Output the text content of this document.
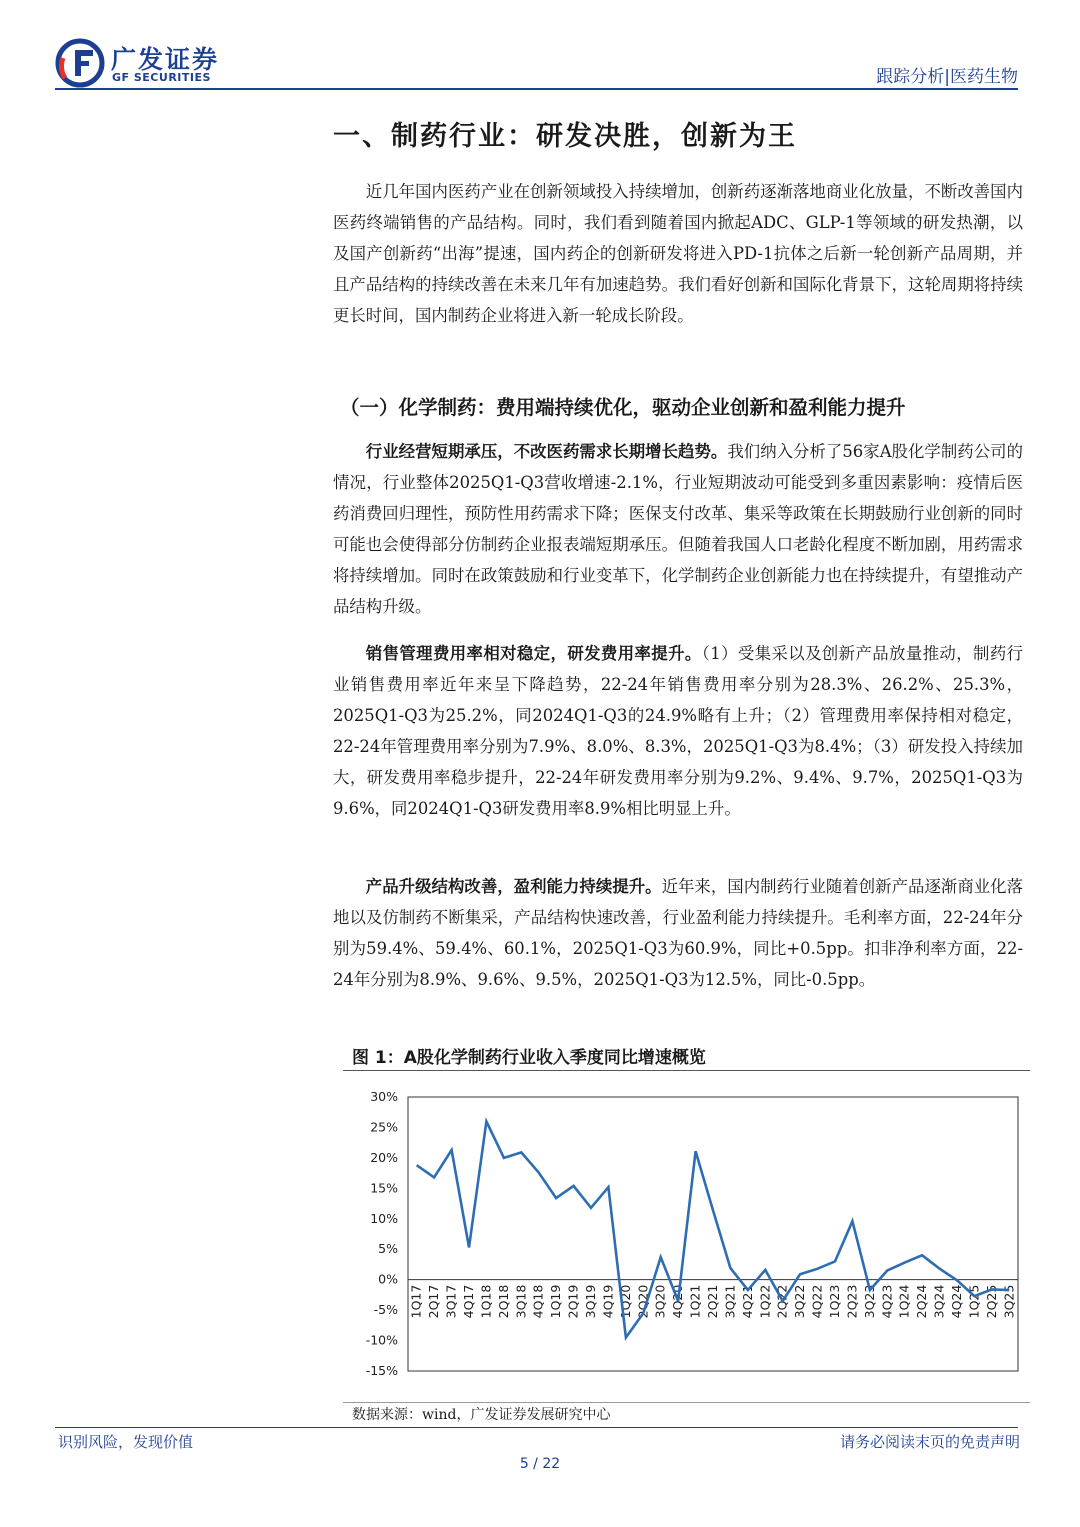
广发证券
GF SECURITIES	跟踪分析|医药生物
一、制药行业：研发决胜，创新为王

近几年国内医药产业在创新领域投入持续增加，创新药逐渐落地商业化放量，不断改善国内医药终端销售的产品结构。同时，我们看到随着国内掀起ADC、GLP-1等领域的研发热潮，以及国产创新药“出海”提速，国内药企的创新研发将进入PD-1抗体之后新一轮创新产品周期，并且产品结构的持续改善在未来几年有加速趋势。我们看好创新和国际化背景下，这轮周期将持续更长时间，国内制药企业将进入新一轮成长阶段。

（一）化学制药：费用端持续优化，驱动企业创新和盈利能力提升

行业经营短期承压，不改医药需求长期增长趋势。我们纳入分析了56家A股化学制药公司的情况，行业整体2025Q1-Q3营收增速-2.1%，行业短期波动可能受到多重因素影响：疫情后医药消费回归理性，预防性用药需求下降；医保支付改革、集采等政策在长期鼓励行业创新的同时可能也会使得部分仿制药企业报表端短期承压。但随着我国人口老龄化程度不断加剧，用药需求将持续增加。同时在政策鼓励和行业变革下，化学制药企业创新能力也在持续提升，有望推动产品结构升级。

销售管理费用率相对稳定，研发费用率提升。（1）受集采以及创新产品放量推动，制药行业销售费用率近年来呈下降趋势，22-24年销售费用率分别为28.3%、26.2%、25.3%，2025Q1-Q3为25.2%，同2024Q1-Q3的24.9%略有上升；（2）管理费用率保持相对稳定，22-24年管理费用率分别为7.9%、8.0%、8.3%，2025Q1-Q3为8.4%；（3）研发投入持续加大，研发费用率稳步提升，22-24年研发费用率分别为9.2%、9.4%、9.7%，2025Q1-Q3为9.6%，同2024Q1-Q3研发费用率8.9%相比明显上升。

产品升级结构改善，盈利能力持续提升。近年来，国内制药行业随着创新产品逐渐商业化落地以及仿制药不断集采，产品结构快速改善，行业盈利能力持续提升。毛利率方面，22-24年分别为59.4%、59.4%、60.1%，2025Q1-Q3为60.9%，同比+0.5pp。扣非净利率方面，22-24年分别为8.9%、9.6%、9.5%，2025Q1-Q3为12.5%，同比-0.5pp。

图 1：A股化学制药行业收入季度同比增速概览
30%
25%
20%
15%
10%
5%
0%
-5%
-10%
-15%
1Q17 2Q17 3Q17 4Q17 1Q18 2Q18 3Q18 4Q18 1Q19 2Q19 3Q19 4Q19 1Q20 2Q20 3Q20 4Q20 1Q21 2Q21 3Q21 4Q21 1Q22 2Q22 3Q22 4Q22 1Q23 2Q23 3Q23 4Q23 1Q24 2Q24 3Q24 4Q24 1Q25 2Q25 3Q25
数据来源：wind，广发证券发展研究中心
识别风险，发现价值	请务必阅读末页的免责声明
5 / 22
